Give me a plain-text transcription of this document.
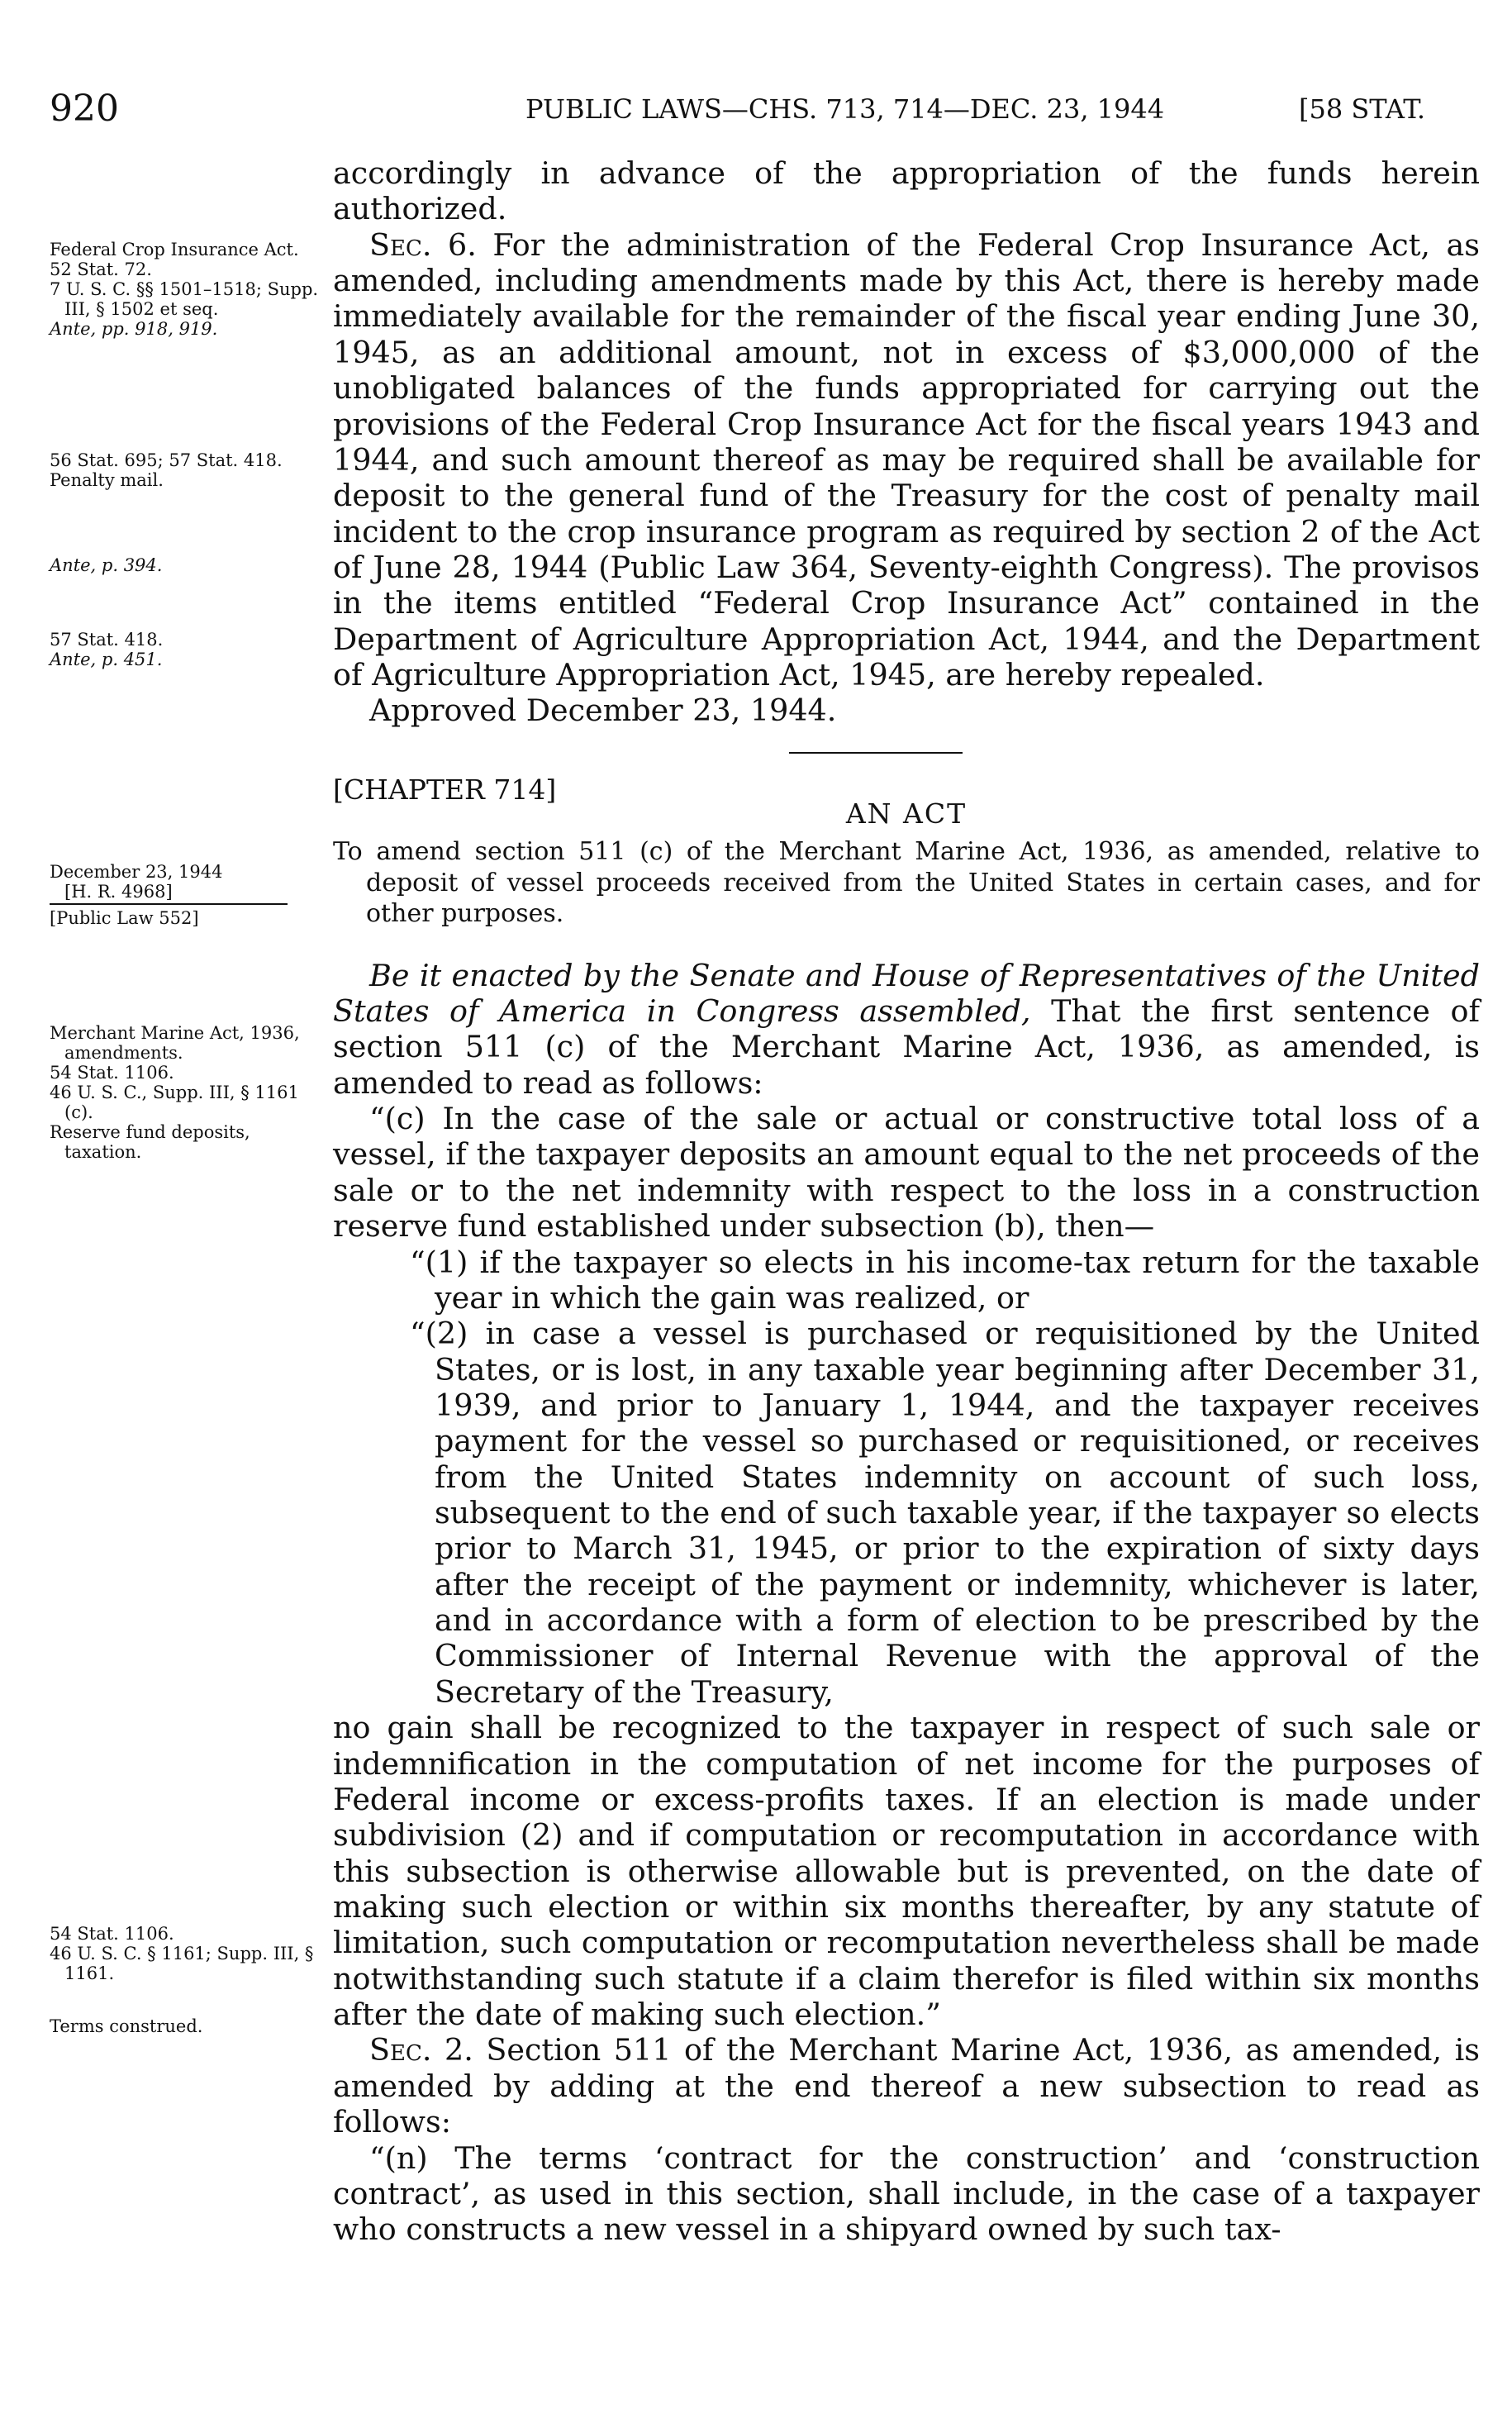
920	PUBLIC LAWS—CHS. 713, 714—DEC. 23, 1944	[58 STAT.

Federal Crop Insurance Act.

52 Stat. 72.

7 U. S. C. §§ 1501–1518; Supp. III, § 1502 et seq.

Ante, pp. 918, 919.

56 Stat. 695; 57 Stat. 418.

Penalty mail.

Ante, p. 394.

57 Stat. 418.

Ante, p. 451.

December 23, 1944

[H. R. 4968]

[Public Law 552]

Merchant Marine Act, 1936, amendments.

54 Stat. 1106.

46 U. S. C., Supp. III, § 1161 (c).

Reserve fund deposits, taxation.

54 Stat. 1106.

46 U. S. C. § 1161; Supp. III, § 1161.

Terms construed.

accordingly in advance of the appropriation of the funds herein authorized.

Sec. 6. For the administration of the Federal Crop Insurance Act, as amended, including amendments made by this Act, there is hereby made immediately available for the remainder of the fiscal year ending June 30, 1945, as an additional amount, not in excess of $3,000,000 of the unobligated balances of the funds appropriated for carrying out the provisions of the Federal Crop Insurance Act for the fiscal years 1943 and 1944, and such amount thereof as may be required shall be available for deposit to the general fund of the Treasury for the cost of penalty mail incident to the crop insurance program as required by section 2 of the Act of June 28, 1944 (Public Law 364, Seventy-eighth Congress). The provisos in the items entitled “Federal Crop Insurance Act” contained in the Department of Agriculture Appropriation Act, 1944, and the Department of Agriculture Appropriation Act, 1945, are hereby repealed.

Approved December 23, 1944.

[CHAPTER 714]

AN ACT

To amend section 511 (c) of the Merchant Marine Act, 1936, as amended, relative to deposit of vessel proceeds received from the United States in certain cases, and for other purposes.

Be it enacted by the Senate and House of Representatives of the United States of America in Congress assembled, That the first sentence of section 511 (c) of the Merchant Marine Act, 1936, as amended, is amended to read as follows:

“(c) In the case of the sale or actual or constructive total loss of a vessel, if the taxpayer deposits an amount equal to the net proceeds of the sale or to the net indemnity with respect to the loss in a construction reserve fund established under subsection (b), then—

“(1) if the taxpayer so elects in his income-tax return for the taxable year in which the gain was realized, or

“(2) in case a vessel is purchased or requisitioned by the United States, or is lost, in any taxable year beginning after December 31, 1939, and prior to January 1, 1944, and the taxpayer receives payment for the vessel so purchased or requisitioned, or receives from the United States indemnity on account of such loss, subsequent to the end of such taxable year, if the taxpayer so elects prior to March 31, 1945, or prior to the expiration of sixty days after the receipt of the payment or indemnity, whichever is later, and in accordance with a form of election to be prescribed by the Commissioner of Internal Revenue with the approval of the Secretary of the Treasury,

no gain shall be recognized to the taxpayer in respect of such sale or indemnification in the computation of net income for the purposes of Federal income or excess-profits taxes. If an election is made under subdivision (2) and if computation or recomputation in accordance with this subsection is otherwise allowable but is prevented, on the date of making such election or within six months thereafter, by any statute of limitation, such computation or recomputation nevertheless shall be made notwithstanding such statute if a claim therefor is filed within six months after the date of making such election.”

Sec. 2. Section 511 of the Merchant Marine Act, 1936, as amended, is amended by adding at the end thereof a new subsection to read as follows:

“(n) The terms ‘contract for the construction’ and ‘construction contract’, as used in this section, shall include, in the case of a taxpayer who constructs a new vessel in a shipyard owned by such tax-
